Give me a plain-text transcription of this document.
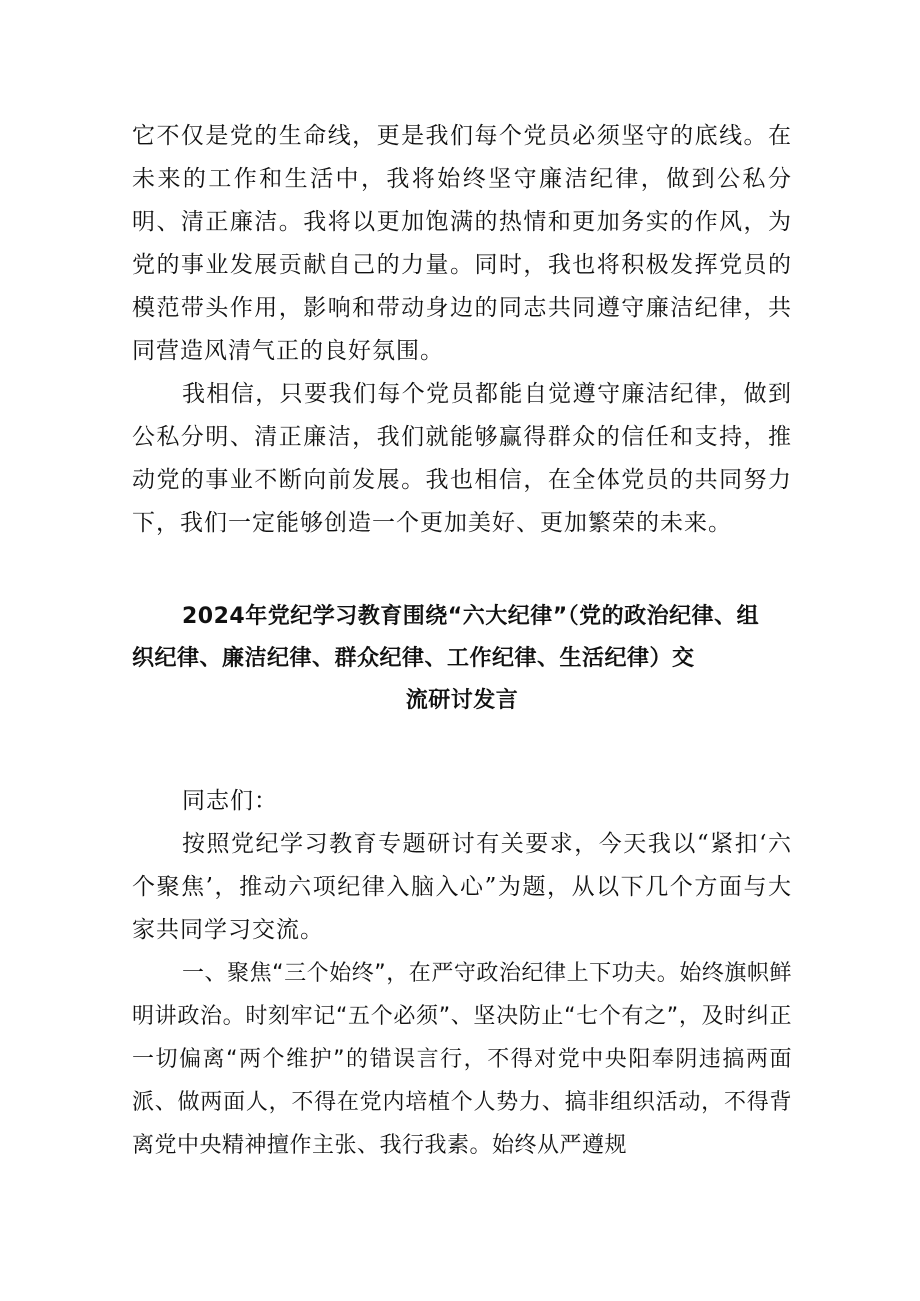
它不仅是党的生命线，更是我们每个党员必须坚守的底线。在未来的工作和生活中，我将始终坚守廉洁纪律，做到公私分明、清正廉洁。我将以更加饱满的热情和更加务实的作风，为党的事业发展贡献自己的力量。同时，我也将积极发挥党员的模范带头作用，影响和带动身边的同志共同遵守廉洁纪律，共同营造风清气正的良好氛围。

我相信，只要我们每个党员都能自觉遵守廉洁纪律，做到公私分明、清正廉洁，我们就能够赢得群众的信任和支持，推动党的事业不断向前发展。我也相信，在全体党员的共同努力下，我们一定能够创造一个更加美好、更加繁荣的未来。

2024年党纪学习教育围绕“六大纪律”（党的政治纪律、组
织纪律、廉洁纪律、群众纪律、工作纪律、生活纪律）交
流研讨发言

同志们：

按照党纪学习教育专题研讨有关要求，今天我以“紧扣‘六个聚焦’，推动六项纪律入脑入心”为题，从以下几个方面与大家共同学习交流。

一、聚焦“三个始终”，在严守政治纪律上下功夫。始终旗帜鲜明讲政治。时刻牢记“五个必须”、坚决防止“七个有之”，及时纠正一切偏离“两个维护”的错误言行，不得对党中央阳奉阴违搞两面派、做两面人，不得在党内培植个人势力、搞非组织活动，不得背离党中央精神擅作主张、我行我素。始终从严遵规
